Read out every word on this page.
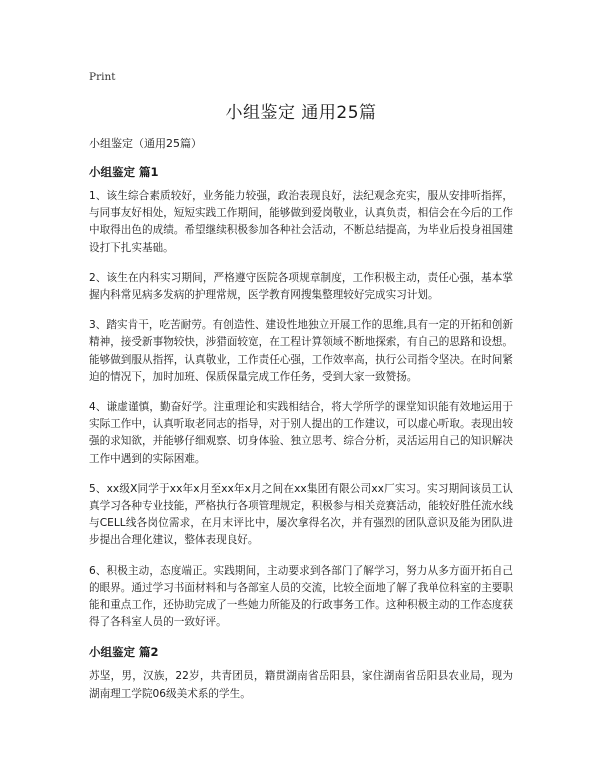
Print
小组鉴定 通用25篇
小组鉴定（通用25篇）
小组鉴定 篇1

1、该生综合素质较好，业务能力较强，政治表现良好，法纪观念充实，服从安排听指挥，与同事友好相处，短短实践工作期间，能够做到爱岗敬业，认真负责，相信会在今后的工作中取得出色的成绩。希望继续积极参加各种社会活动，不断总结提高，为毕业后投身祖国建设打下扎实基础。

2、该生在内科实习期间，严格遵守医院各项规章制度，工作积极主动，责任心强，基本掌握内科常见病多发病的护理常规，医学教育网搜集整理较好完成实习计划。

3、踏实肯干，吃苦耐劳。有创造性、建设性地独立开展工作的思维,具有一定的开拓和创新精神，接受新事物较快，涉猎面较宽，在工程计算领域不断地探索，有自己的思路和设想。能够做到服从指挥，认真敬业，工作责任心强，工作效率高，执行公司指令坚决。在时间紧迫的情况下，加时加班、保质保量完成工作任务，受到大家一致赞扬。

4、谦虚谨慎，勤奋好学。注重理论和实践相结合，将大学所学的课堂知识能有效地运用于实际工作中，认真听取老同志的指导，对于别人提出的工作建议，可以虚心听取。表现出较强的求知欲，并能够仔细观察、切身体验、独立思考、综合分析，灵活运用自己的知识解决工作中遇到的实际困难。

5、xx级X同学于xx年x月至xx年x月之间在xx集团有限公司xx厂实习。实习期间该员工认真学习各种专业技能，严格执行各项管理规定，积极参与相关竞赛活动，能较好胜任流水线与CELL线各岗位需求，在月末评比中，屡次拿得名次，并有强烈的团队意识及能为团队进步提出合理化建议，整体表现良好。

6、积极主动，态度端正。实践期间，主动要求到各部门了解学习，努力从多方面开拓自己的眼界。通过学习书面材料和与各部室人员的交流，比较全面地了解了我单位科室的主要职能和重点工作，还协助完成了一些她力所能及的行政事务工作。这种积极主动的工作态度获得了各科室人员的一致好评。

小组鉴定 篇2

苏坚，男，汉族，22岁，共青团员，籍贯湖南省岳阳县，家住湖南省岳阳县农业局，现为湖南理工学院06级美术系的学生。
